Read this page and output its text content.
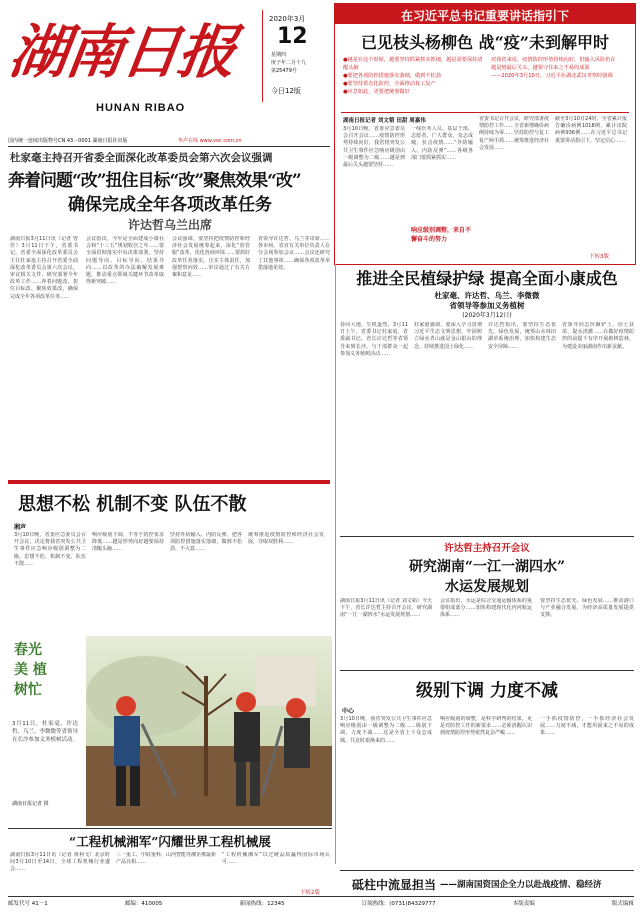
湖南日报
HUNAN RIBAO
2020年3月
12
星期四
庚子年二月十九
第25479号
今日12版
国内统一连续出版物号CN 43－0001 湖南日报社出版	华声在线 www.voc.com.cn
在习近平总书记重要讲话指引下
已见枝头杨柳色 战“疫”未到解甲时
●越是在这个时候，越要坚持抓紧抓实抓细，越是需要保持清醒头脑
●要把各项防控措施落实落细，做到不松劲
●要坚持常态化防控，全面推动复工复产
●应急如此，更要把统筹做好
对我省来说，疫情防控形势持续向好，但输入风险仍在
越是到最后关头，越要守住来之不易的成果
——2020年3月10日，习近平在湖北武汉考察时强调
湖南日报记者 刘文韬 田甜 周嘉伟
3月10日晚，省委应急委员会召开会议……疫情防控形势持续向好，我省将突发公共卫生事件应急响应级别由一级调整为二级……越是到最后关头越要坚持……
一线医务人员、基层干部、志愿者、广大群众，众志成城，抗击疫情……“外防输入、内防反弹”……各级各部门要抓紧抓实……
响应级别调整，来自不懈奋斗的努力
省委书记召开会议，研究部署疫情防控工作……全省新增确诊病例持续为零……坚持防控与复工复产两手抓……统筹推进经济社会发展……
截至3月10日24时，全省累计报告确诊病例1018例，累计出院病例936例……在习近平总书记重要讲话指引下，坚定信心……
下转3版
杜家毫主持召开省委全面深化改革委员会第六次会议强调
奔着问题“改”扭住目标“改”聚焦效果“改”
确保完成全年各项改革任务
许达哲乌兰出席
湖南日报3月11日讯（记者 曾佳）3月11日下午，省委书记、省委全面深化改革委员会主任杜家毫主持召开省委全面深化改革委员会第六次会议，审议相关文件，研究部署今年改革工作……奔着问题改、扭住目标改、聚焦效果改，确保完成全年各项改革任务……
会议指出，今年是全面建成小康社会和“十三五”规划收官之年……要全面贯彻落实中央决策部署，坚持问题导向、目标导向、结果导向……以改革的办法破解发展难题，推动重点领域关键环节改革取得新突破……
会议强调，要坚持把疫情防控和经济社会发展统筹起来，深化“放管服”改革，优化营商环境……要抓好改革任务落实，压实主体责任，加强督察问效……审议通过了有关方案和意见……
省领导许达哲、乌兰等出席……各市州、省直有关单位负责人在分会场参加会议……会议还研究了其他事项……确保各项改革举措落地见效。
推进全民植绿护绿 提高全面小康成色
杜家毫、许达哲、乌兰、李微微
省领导等参加义务植树
(2020年3月12日)
春回大地，生机盎然。3月11日上午，省委书记杜家毫，省委副书记、省长许达哲等省领导来到长沙，与干部群众一起参加义务植树活动……
杜家毫强调，要深入学习贯彻习近平生态文明思想，牢固树立绿水青山就是金山银山的理念，持续推进国土绿化……
许达哲指出，要坚持生态优先、绿色发展，统筹山水林田湖草系统治理，加快构建生态安全屏障……
省领导同志挥锹铲土、培土扶苗、提水浇灌……在做好疫情防控的前提下有序开展植树造林，为建设美丽湖南作出新贡献。
思想不松 机制不变 队伍不散
湘声
3月10日晚，省委应急委员会召开会议，决定将我省突发公共卫生事件应急响应级别调整为二级。思想不松、机制不变、队伍不散……
响应级别下调，不等于防控要求降低……越是形势向好越要保持清醒头脑……
坚持外防输入、内防反弹，把各项防控措施落实落细，做到不松劲、不大意……
统筹推进疫情防控和经济社会发展，夺取双胜利……
春光美 植树忙
3月11日，杜家毫、许达哲、乌兰、李微微等省领导在长沙参加义务植树活动。
湖南日报记者 摄
许达哲主持召开会议
研究湖南“一江一湖四水”
水运发展规划
湖南日报3月11日讯（记者 刘文韬）今天下午，省长许达哲主持召开会议，研究湖南“一江一湖四水”水运发展规划……
会议指出，水运是综合交通运输体系的重要组成部分……加快构建现代化内河航运体系……
要坚持生态优先、绿色发展……推动港口与产业融合发展，为经济高质量发展提供支撑。
级别下调 力度不减
中心
3月10日晚，我省突发公共卫生事件应急响应级别由一级调整为二级……级别下调，力度不减……这是全省上下众志成城、共克时艰换来的……
响应级别的调整，是科学研判的结果，更是对防控工作的新要求……必须清醒认识到疫情防控形势依然复杂严峻……
一手抓疫情防控，一手抓经济社会发展……力度不减，才能巩固来之不易的成果……
“工程机械湘军”闪耀世界工程机械展
湖南日报3月11日讯（记者 黄利飞）北京时间3月10日至14日，全球工程机械行业盛会……
三一重工、中联重科、山河智能等湘企携最新产品亮相……
“工程机械湘军”以过硬品质赢得国际市场认可……
下转2版
砥柱中流显担当 ——湖南国资国企全力以赴战疫情、稳经济
邮发代号 41－1	邮编：410005	新闻热线：12345	订阅热线：(0731)84329777	本版责编	版式编辑
